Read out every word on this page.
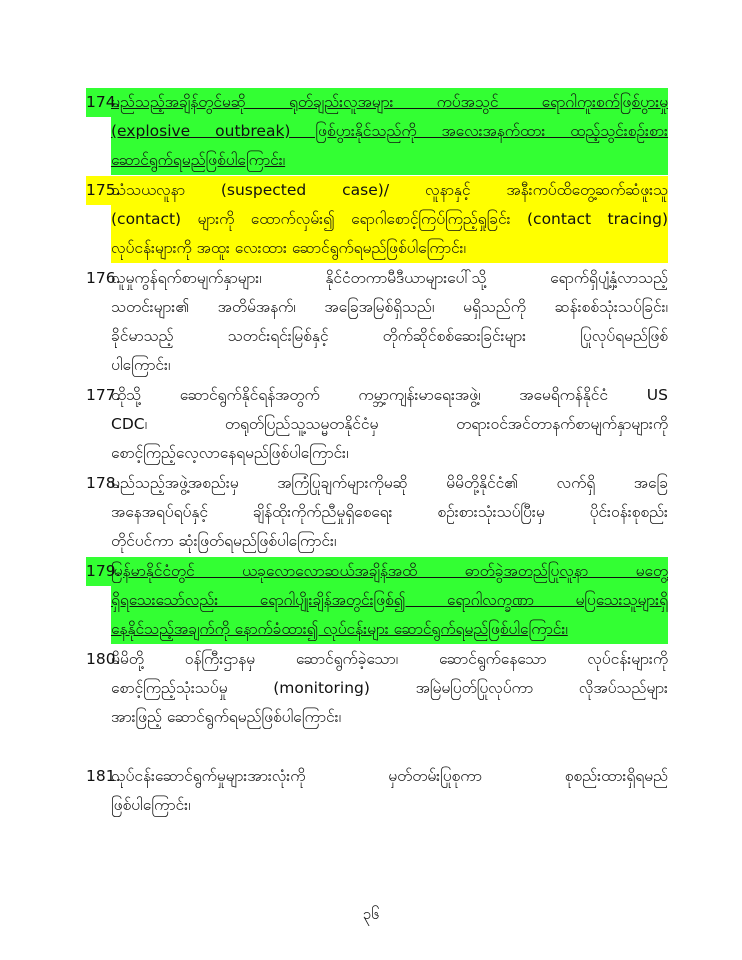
174.မည်သည့်အချိန်တွင်မဆို ရုတ်ချည်းလူအများ ကပ်အသွင် ရောဂါကူးစက်ဖြစ်ပွားမှု
(explosive outbreak) ဖြစ်ပွားနိုင်သည်ကို အလေးအနက်ထား ထည့်သွင်းစဉ်းစား
ဆောင်ရွက်ရမည်ဖြစ်ပါကြောင်း၊
175.သံသယလူနာ (suspected case)/ လူနာနှင့် အနီးကပ်ထိတွေ့ဆက်ဆံဖူးသူ
(contact) များကို ထောက်လှမ်း၍ ရောဂါစောင့်ကြပ်ကြည့်ရှုခြင်း (contact tracing)
လုပ်ငန်းများကို အထူး လေးထား ဆောင်ရွက်ရမည်ဖြစ်ပါကြောင်း၊
176.လူမှုကွန်ရက်စာမျက်နှာများ၊ နိုင်ငံတကာမီဒီယာများပေါ်သို့ ရောက်ရှိပျံ့နှံ့လာသည့်
သတင်းများ၏ အတိမ်အနက်၊ အခြေအမြစ်ရှိသည်၊ မရှိသည်ကို ဆန်းစစ်သုံးသပ်ခြင်း၊
ခိုင်မာသည့် သတင်းရင်းမြစ်နှင့် တိုက်ဆိုင်စစ်ဆေးခြင်းများ ပြုလုပ်ရမည်ဖြစ်
ပါကြောင်း၊
177.ထိုသို့ ဆောင်ရွက်နိုင်ရန်အတွက် ကမ္ဘာ့ကျန်းမာရေးအဖွဲ့၊ အမေရိကန်နိုင်ငံ US
CDC၊ တရုတ်ပြည်သူ့သမ္မတနိုင်ငံမှ တရားဝင်အင်တာနက်စာမျက်နှာများကို
စောင့်ကြည့်လေ့လာနေရမည်ဖြစ်ပါကြောင်း၊
178.မည်သည့်အဖွဲ့အစည်းမှ အကြံပြုချက်များကိုမဆို မိမိတို့နိုင်ငံ၏ လက်ရှိ အခြေ
အနေအရပ်ရပ်နှင့် ချိန်ထိုးကိုက်ညီမှုရှိစေရေး စဉ်းစားသုံးသပ်ပြီးမှ ပိုင်းဝန်းစုစည်း
တိုင်ပင်ကာ ဆုံးဖြတ်ရမည်ဖြစ်ပါကြောင်း၊
179.မြန်မာနိုင်ငံတွင် ယခုလောလောဆယ်အချိန်အထိ ဓာတ်ခွဲအတည်ပြုလူနာ မတွေ့
ရှိရသေးသော်လည်း ရောဂါပျိုးချိန်အတွင်းဖြစ်၍ ရောဂါလက္ခဏာ မပြသေးသူများရှိ
နေနိုင်သည့်အချက်ကို နောက်ခံထား၍ လုပ်ငန်းများ ဆောင်ရွက်ရမည်ဖြစ်ပါကြောင်း၊
180.မိမိတို့ ဝန်ကြီးဌာနမှ ဆောင်ရွက်ခဲ့သော၊ ဆောင်ရွက်နေသော လုပ်ငန်းများကို
စောင့်ကြည့်သုံးသပ်မှု (monitoring) အမြဲမပြတ်ပြုလုပ်ကာ လိုအပ်သည်များ
အားဖြည့် ဆောင်ရွက်ရမည်ဖြစ်ပါကြောင်း၊
181.လုပ်ငန်းဆောင်ရွက်မှုများအားလုံးကို မှတ်တမ်းပြုစုကာ စုစည်းထားရှိရမည်
ဖြစ်ပါကြောင်း၊
၃၆
